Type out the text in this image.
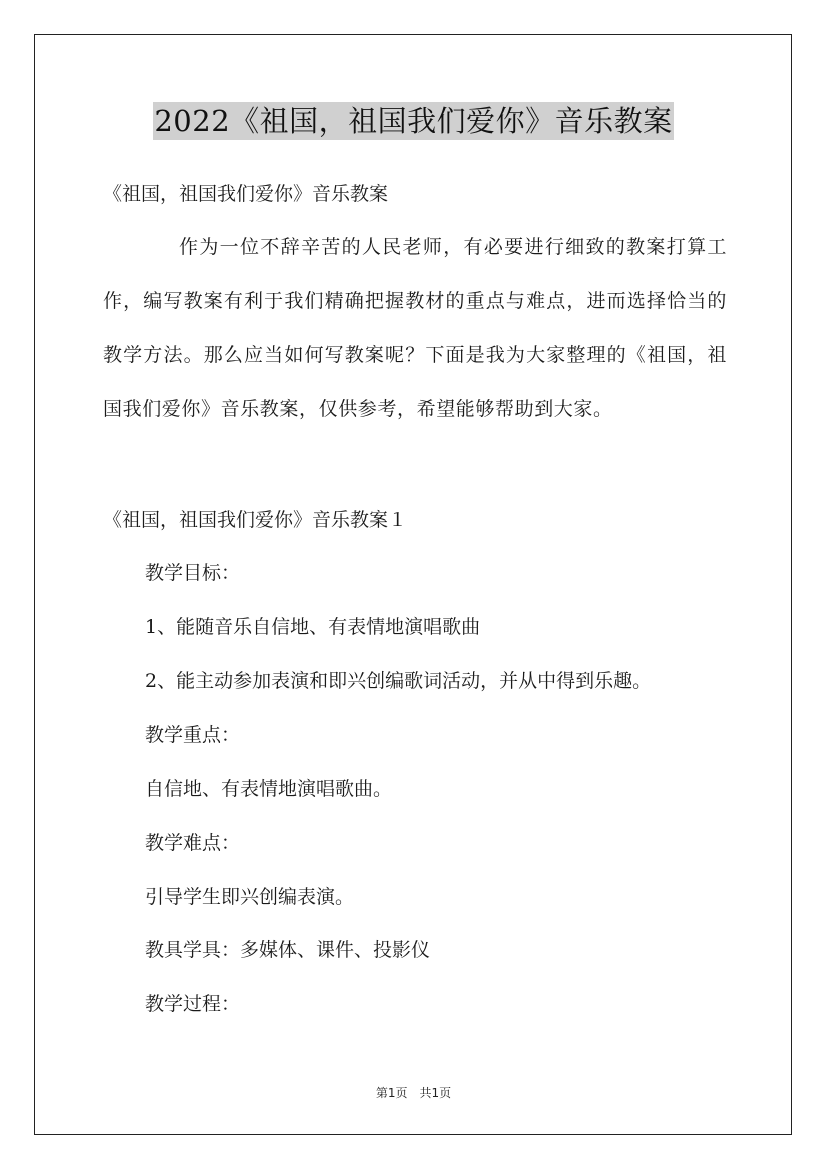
2022《祖国，祖国我们爱你》音乐教案
《祖国，祖国我们爱你》音乐教案
作为一位不辞辛苦的人民老师，有必要进行细致的教案打算工作，编写教案有利于我们精确把握教材的重点与难点，进而选择恰当的教学方法。那么应当如何写教案呢？下面是我为大家整理的《祖国，祖国我们爱你》音乐教案，仅供参考，希望能够帮助到大家。
《祖国，祖国我们爱你》音乐教案１
教学目标：
1、能随音乐自信地、有表情地演唱歌曲
2、能主动参加表演和即兴创编歌词活动，并从中得到乐趣。
教学重点：
自信地、有表情地演唱歌曲。
教学难点：
引导学生即兴创编表演。
教具学具：多媒体、课件、投影仪
教学过程：
第1页　共1页
